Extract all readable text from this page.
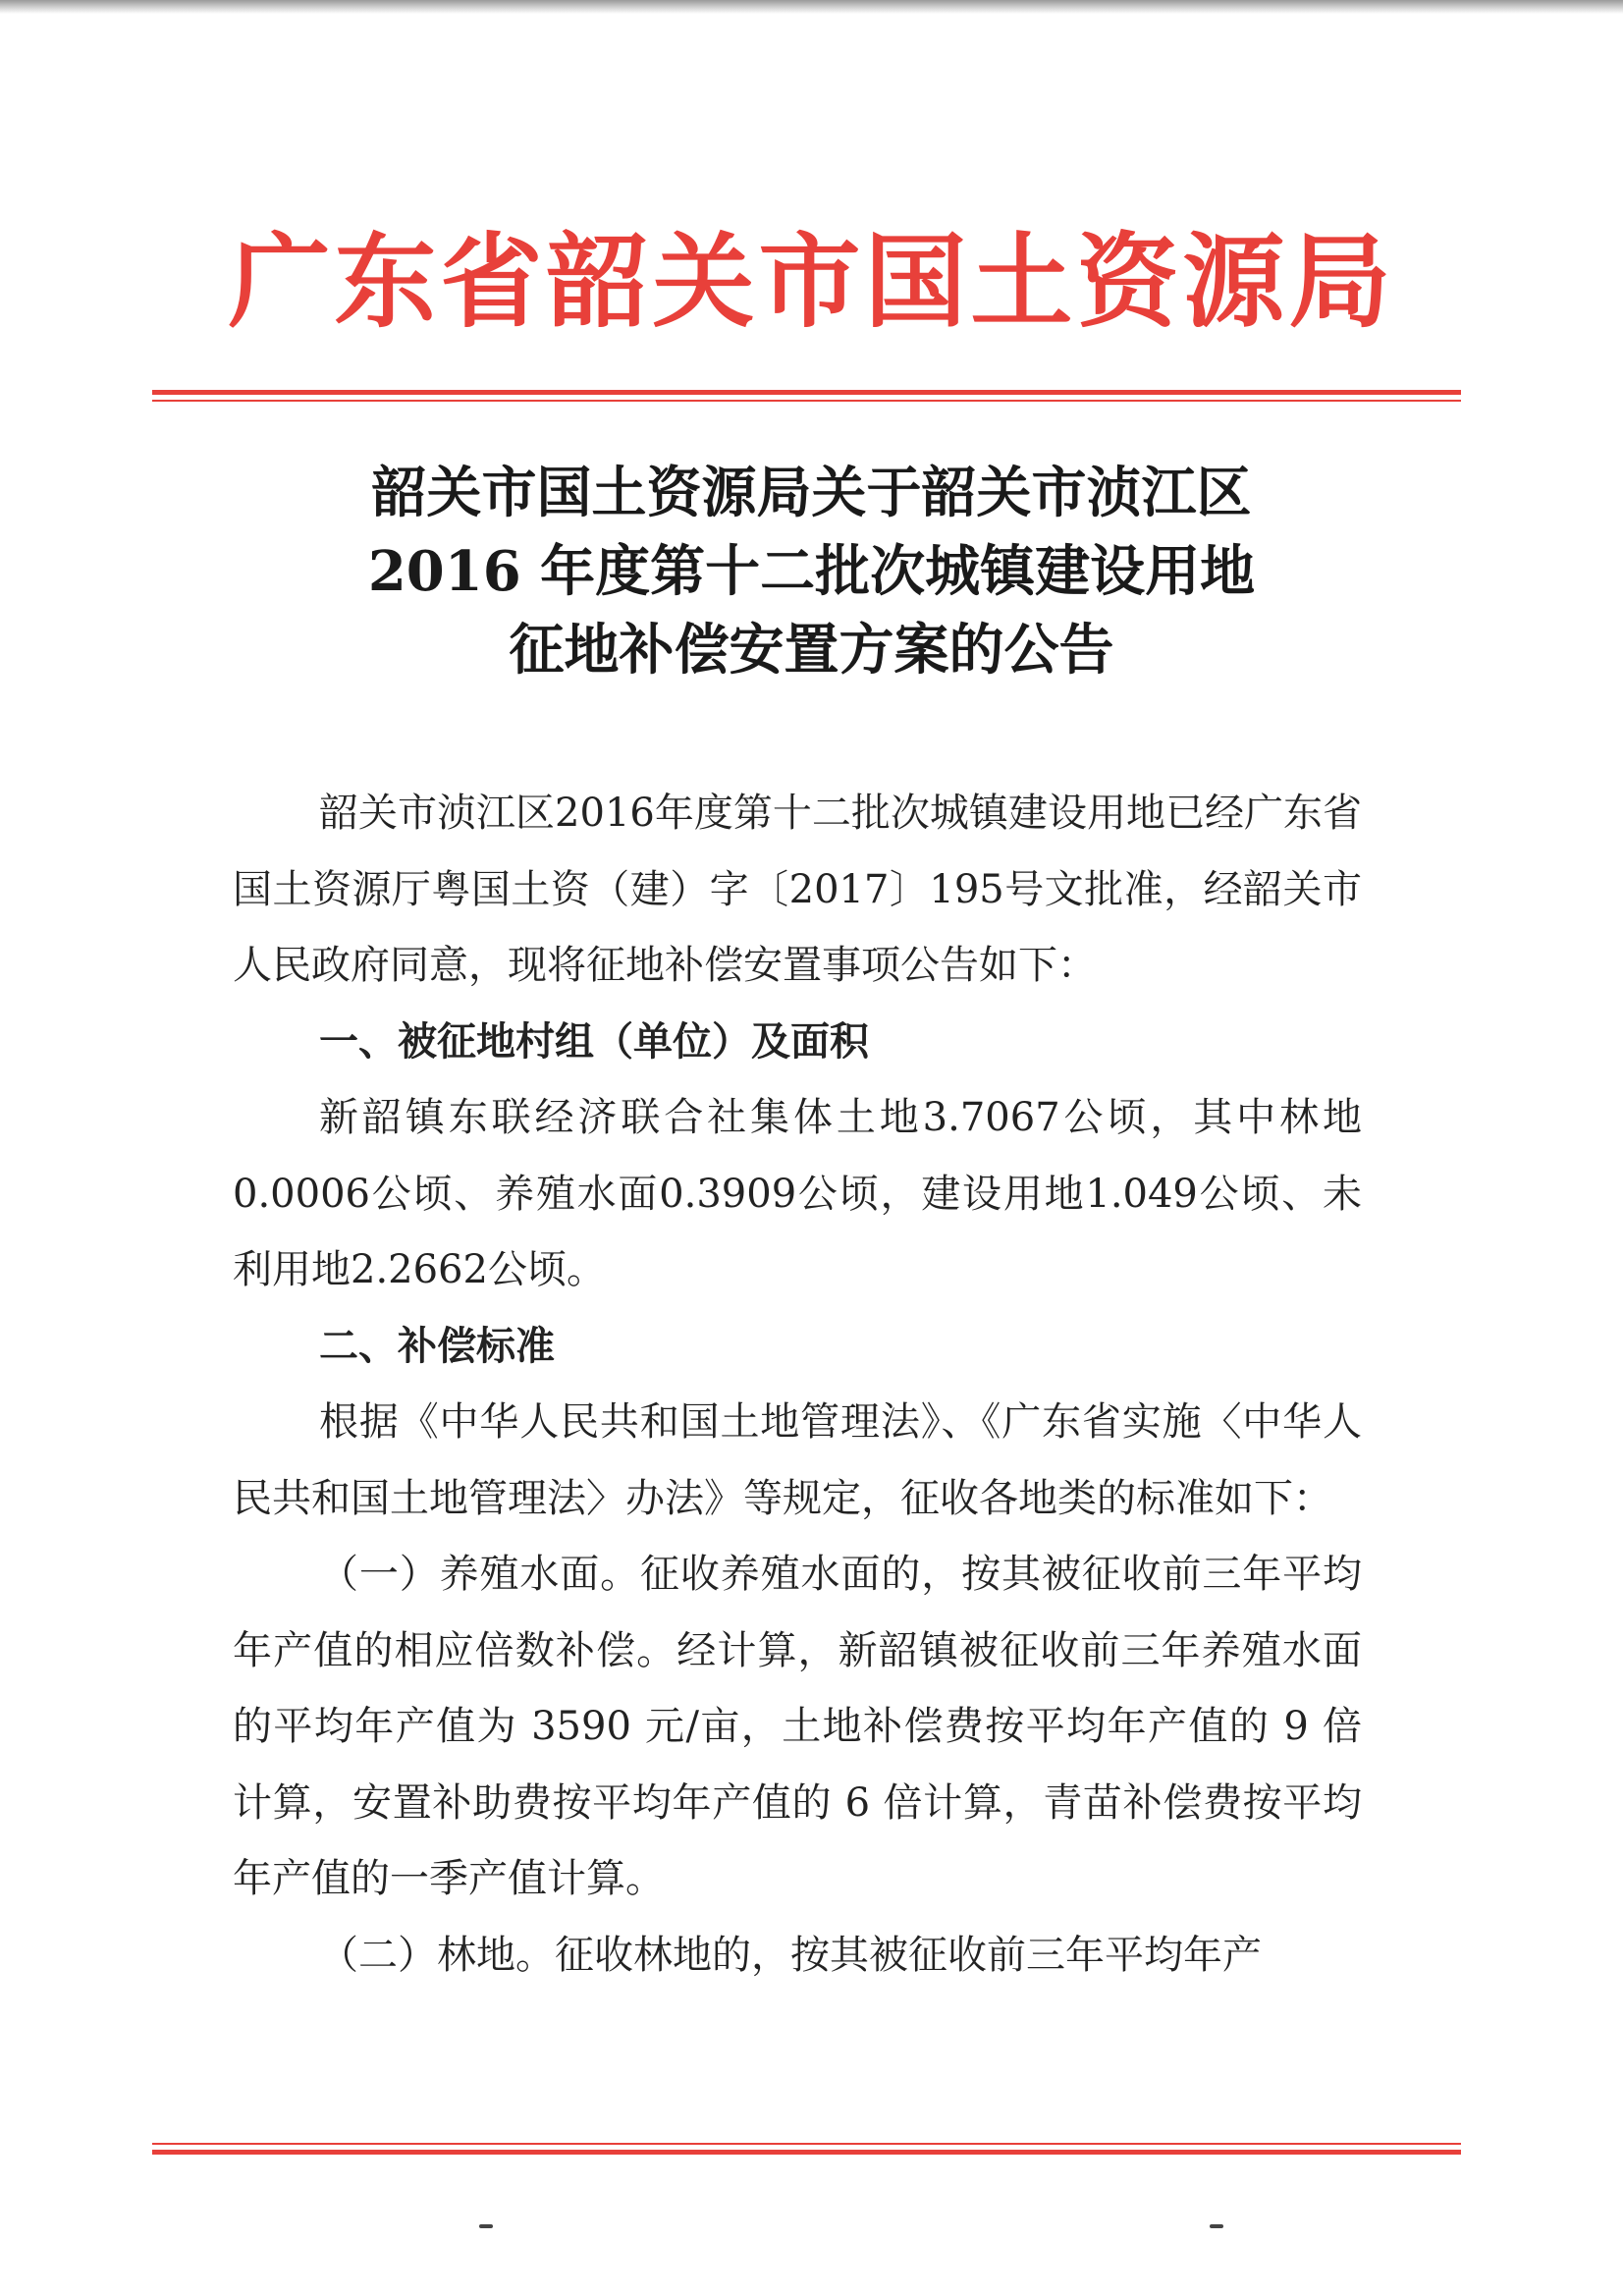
广东省韶关市国土资源局
韶关市国土资源局关于韶关市浈江区
2016 年度第十二批次城镇建设用地
征地补偿安置方案的公告

韶关市浈江区2016年度第十二批次城镇建设用地已经广东省国土资源厅粤国土资（建）字〔2017〕195号文批准，经韶关市人民政府同意，现将征地补偿安置事项公告如下：

一、被征地村组（单位）及面积

新韶镇东联经济联合社集体土地3.7067公顷，其中林地0.0006公顷、养殖水面0.3909公顷，建设用地1.049公顷、未利用地2.2662公顷。

二、补偿标准

根据《中华人民共和国土地管理法》、《广东省实施〈中华人民共和国土地管理法〉办法》等规定，征收各地类的标准如下：

（一）养殖水面。征收养殖水面的，按其被征收前三年平均年产值的相应倍数补偿。经计算，新韶镇被征收前三年养殖水面的平均年产值为 3590 元/亩，土地补偿费按平均年产值的 9 倍计算，安置补助费按平均年产值的 6 倍计算，青苗补偿费按平均年产值的一季产值计算。

（二）林地。征收林地的，按其被征收前三年平均年产
